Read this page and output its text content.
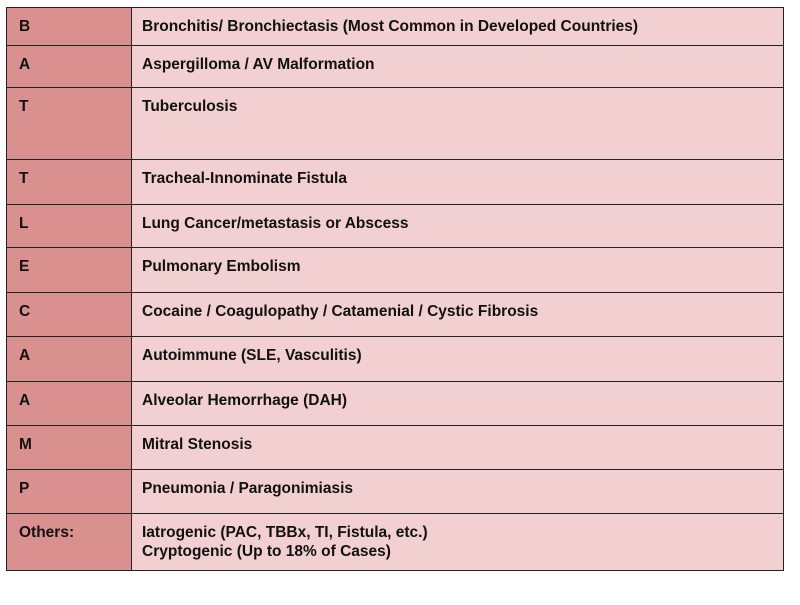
B	Bronchitis/ Bronchiectasis (Most Common in Developed Countries)
A	Aspergilloma / AV Malformation
T	Tuberculosis
T	Tracheal-Innominate Fistula
L	Lung Cancer/metastasis or Abscess
E	Pulmonary Embolism
C	Cocaine / Coagulopathy / Catamenial / Cystic Fibrosis
A	Autoimmune (SLE, Vasculitis)
A	Alveolar Hemorrhage (DAH)
M	Mitral Stenosis
P	Pneumonia / Paragonimiasis
Others:	Iatrogenic (PAC, TBBx, TI, Fistula, etc.)
Cryptogenic (Up to 18% of Cases)
